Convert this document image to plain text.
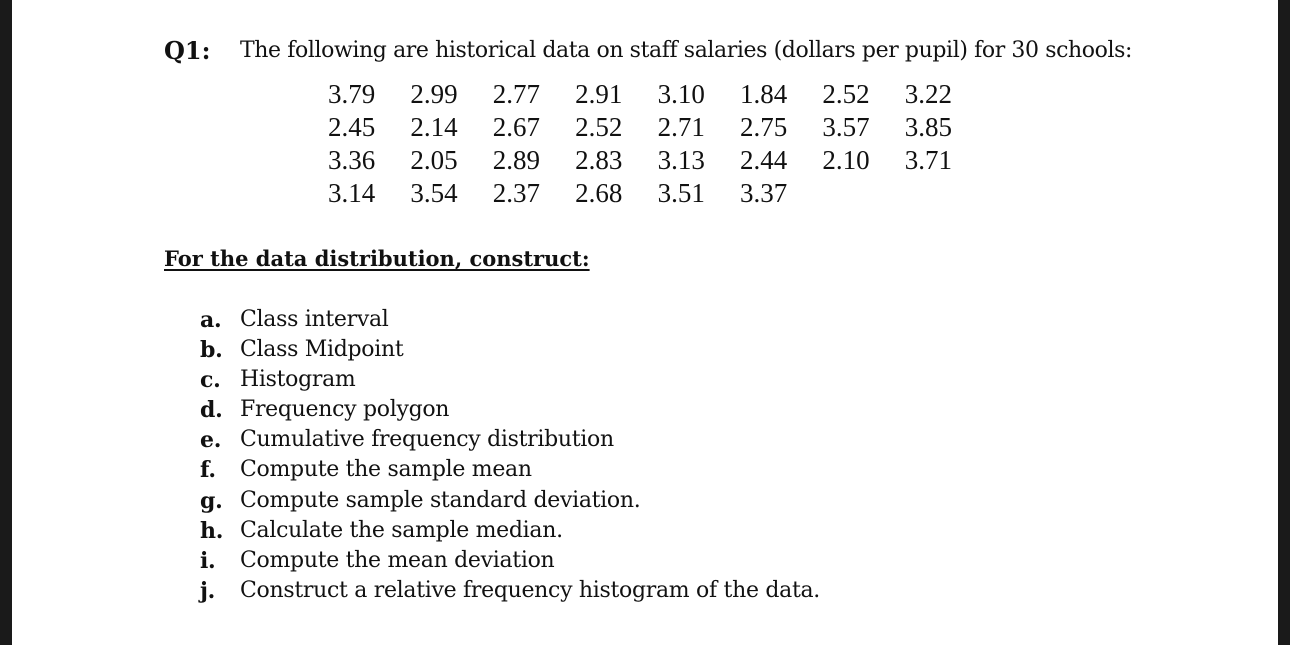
Q1: The following are historical data on staff salaries (dollars per pupil) for 30 schools:
3.79	2.99	2.77	2.91	3.10	1.84	2.52	3.22
2.45	2.14	2.67	2.52	2.71	2.75	3.57	3.85
3.36	2.05	2.89	2.83	3.13	2.44	2.10	3.71
3.14	3.54	2.37	2.68	3.51	3.37		
For the data distribution, construct:
a. Class interval
b. Class Midpoint
c. Histogram
d. Frequency polygon
e. Cumulative frequency distribution
f.	Compute the sample mean
g. Compute sample standard deviation.
h. Calculate the sample median.
i.	Compute the mean deviation
j.	Construct a relative frequency histogram of the data.
